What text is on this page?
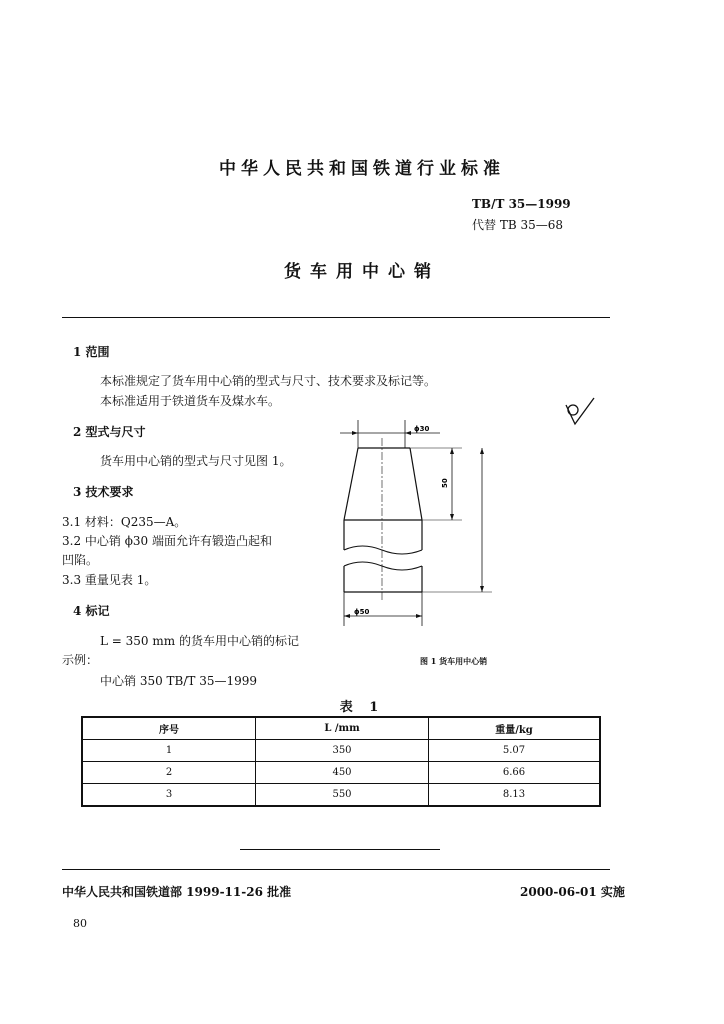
中华人民共和国铁道行业标准
TB/T 35—1999
代替 TB 35—68
货车用中心销
1 范围
本标准规定了货车用中心销的型式与尺寸、技术要求及标记等。
本标准适用于铁道货车及煤水车。
2 型式与尺寸
货车用中心销的型式与尺寸见图 1。
3 技术要求
3.1 材料：Q235—A。
3.2 中心销 ϕ30 端面允许有锻造凸起和
凹陷。
3.3 重量见表 1。
4 标记
L = 350 mm 的货车用中心销的标记
示例：
中心销 350 TB/T 35—1999
ϕ30
50
ϕ50
图 1 货车用中心销
表 1
序号	L /mm	重量/kg
1	350	5.07
2	450	6.66
3	550	8.13
中华人民共和国铁道部 1999-11-26 批准	2000-06-01 实施
80
